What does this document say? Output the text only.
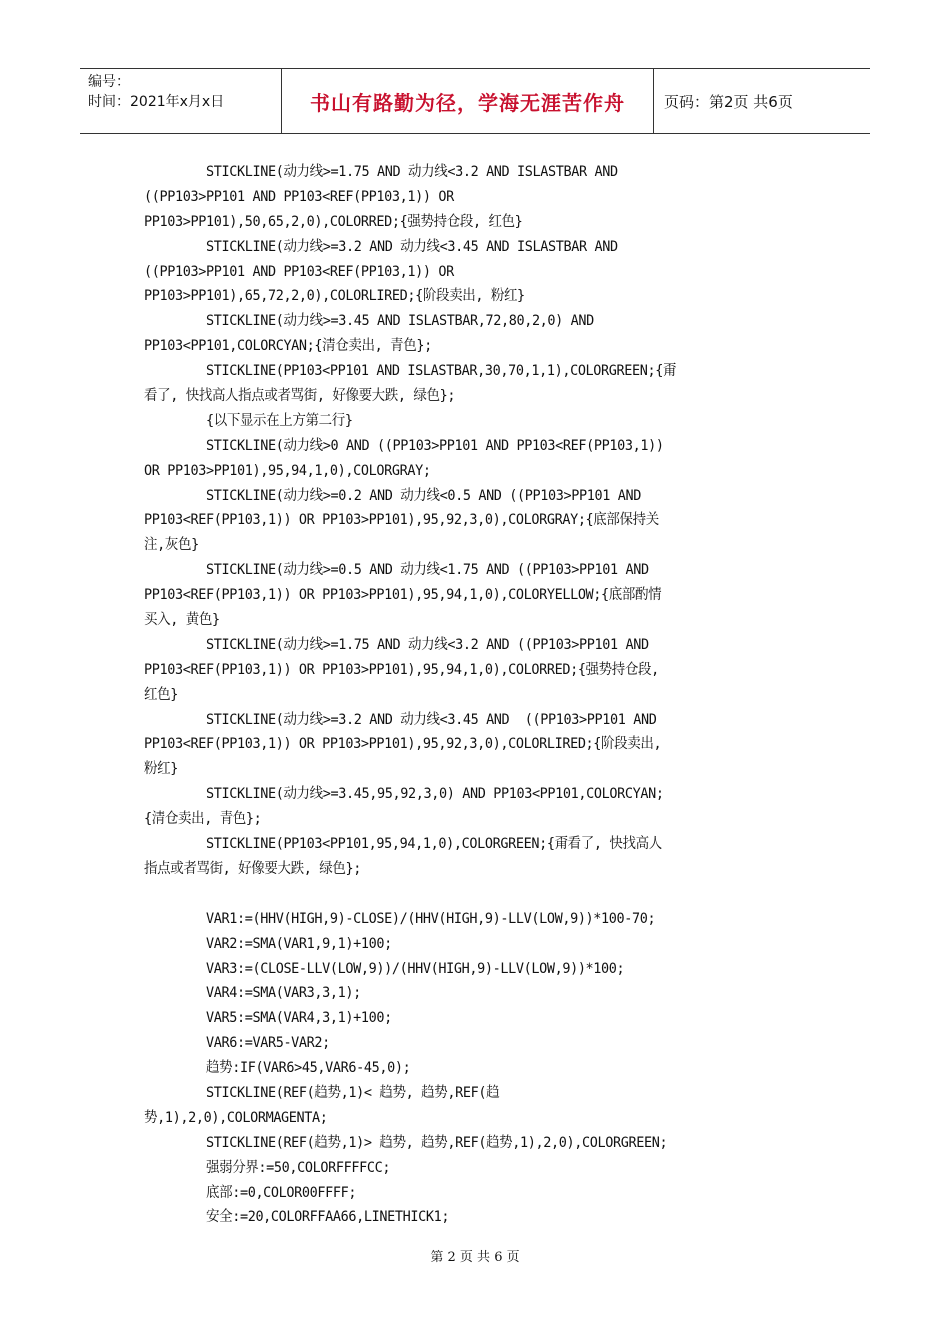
编号：
时间：2021年x月x日	书山有路勤为径，学海无涯苦作舟	页码：第2页 共6页
STICKLINE(动力线>=1.75 AND 动力线<3.2 AND ISLASTBAR AND
((PP103>PP101 AND PP103<REF(PP103,1)) OR
PP103>PP101),50,65,2,0),COLORRED;{强势持仓段, 红色}
STICKLINE(动力线>=3.2 AND 动力线<3.45 AND ISLASTBAR AND
((PP103>PP101 AND PP103<REF(PP103,1)) OR
PP103>PP101),65,72,2,0),COLORLIRED;{阶段卖出, 粉红}
STICKLINE(动力线>=3.45 AND ISLASTBAR,72,80,2,0) AND
PP103<PP101,COLORCYAN;{清仓卖出, 青色};
STICKLINE(PP103<PP101 AND ISLASTBAR,30,70,1,1),COLORGREEN;{甭
看了, 快找高人指点或者骂街, 好像要大跌, 绿色};
{以下显示在上方第二行}
STICKLINE(动力线>0 AND ((PP103>PP101 AND PP103<REF(PP103,1))
OR PP103>PP101),95,94,1,0),COLORGRAY;
STICKLINE(动力线>=0.2 AND 动力线<0.5 AND ((PP103>PP101 AND
PP103<REF(PP103,1)) OR PP103>PP101),95,92,3,0),COLORGRAY;{底部保持关
注,灰色}
STICKLINE(动力线>=0.5 AND 动力线<1.75 AND ((PP103>PP101 AND
PP103<REF(PP103,1)) OR PP103>PP101),95,94,1,0),COLORYELLOW;{底部酌情
买入, 黄色}
STICKLINE(动力线>=1.75 AND 动力线<3.2 AND ((PP103>PP101 AND
PP103<REF(PP103,1)) OR PP103>PP101),95,94,1,0),COLORRED;{强势持仓段,
红色}
STICKLINE(动力线>=3.2 AND 动力线<3.45 AND  ((PP103>PP101 AND
PP103<REF(PP103,1)) OR PP103>PP101),95,92,3,0),COLORLIRED;{阶段卖出,
粉红}
STICKLINE(动力线>=3.45,95,92,3,0) AND PP103<PP101,COLORCYAN;
{清仓卖出, 青色};
STICKLINE(PP103<PP101,95,94,1,0),COLORGREEN;{甭看了, 快找高人
指点或者骂街, 好像要大跌, 绿色};
VAR1:=(HHV(HIGH,9)-CLOSE)/(HHV(HIGH,9)-LLV(LOW,9))*100-70;
VAR2:=SMA(VAR1,9,1)+100;
VAR3:=(CLOSE-LLV(LOW,9))/(HHV(HIGH,9)-LLV(LOW,9))*100;
VAR4:=SMA(VAR3,3,1);
VAR5:=SMA(VAR4,3,1)+100;
VAR6:=VAR5-VAR2;
趋势:IF(VAR6>45,VAR6-45,0);
STICKLINE(REF(趋势,1)< 趋势, 趋势,REF(趋
势,1),2,0),COLORMAGENTA;
STICKLINE(REF(趋势,1)> 趋势, 趋势,REF(趋势,1),2,0),COLORGREEN;
强弱分界:=50,COLORFFFFCC;
底部:=0,COLOR00FFFF;
安全:=20,COLORFFAA66,LINETHICK1;
第 2 页 共 6 页
